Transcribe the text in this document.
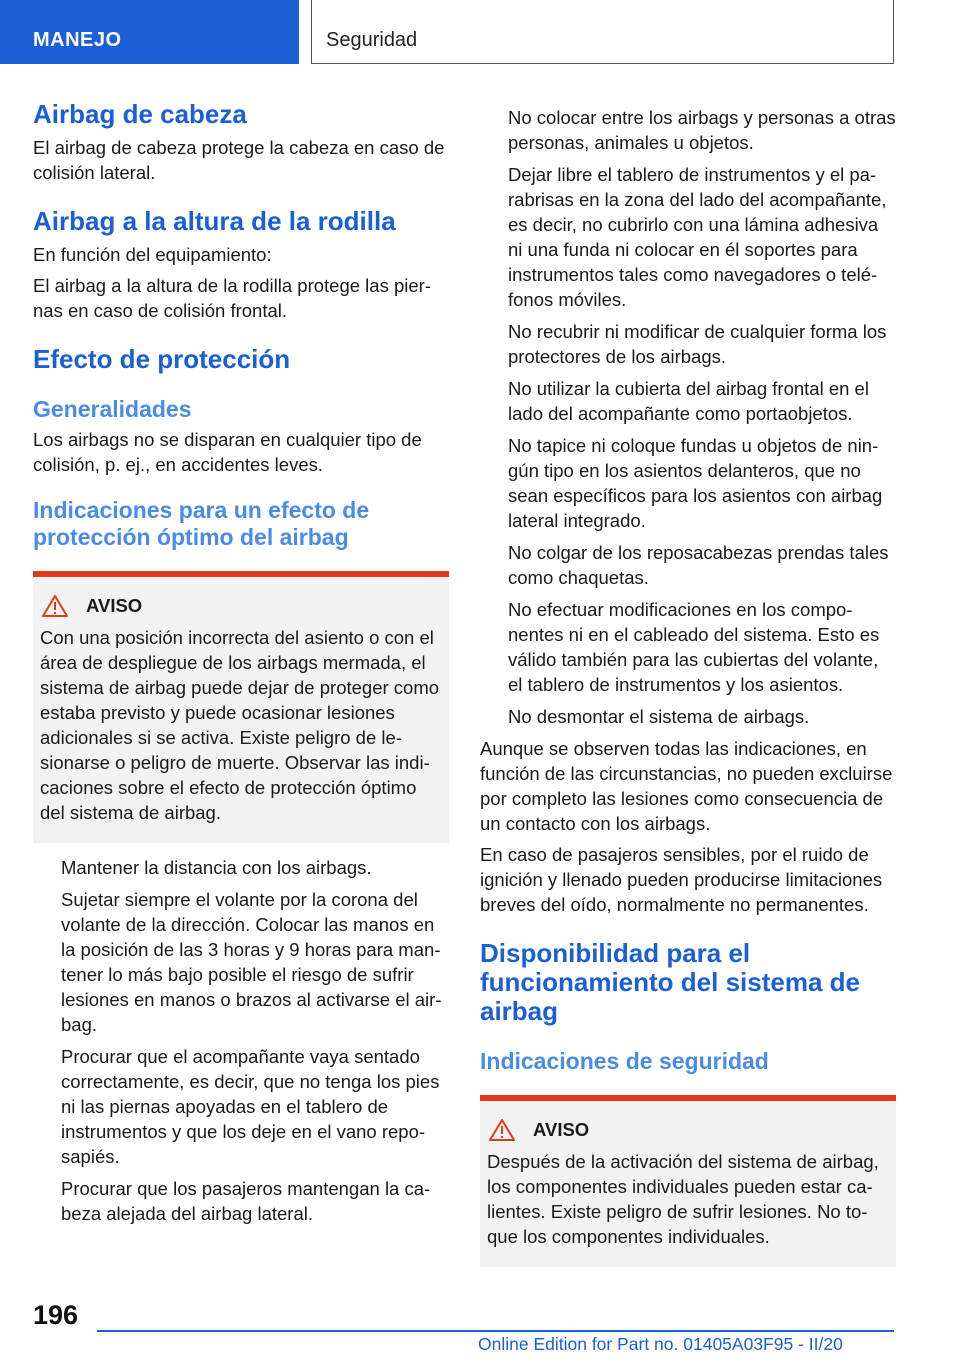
MANEJO	Seguridad
Airbag de cabeza

El airbag de cabeza protege la cabeza en caso de colisión lateral.

Airbag a la altura de la rodilla

En función del equipamiento:

El airbag a la altura de la rodilla protege las piernas en caso de colisión frontal.

Efecto de protección
Generalidades

Los airbags no se disparan en cualquier tipo de colisión, p. ej., en accidentes leves.

Indicaciones para un efecto de protección óptimo del airbag
AVISO

Con una posición incorrecta del asiento o con el área de despliegue de los airbags mermada, el sistema de airbag puede dejar de proteger como estaba previsto y puede ocasionar lesiones adicionales si se activa. Existe peligro de lesionarse o peligro de muerte. Observar las indicaciones sobre el efecto de protección óptimo del sistema de airbag.

Mantener la distancia con los airbags.
Sujetar siempre el volante por la corona del volante de la dirección. Colocar las manos en la posición de las 3 horas y 9 horas para mantener lo más bajo posible el riesgo de sufrir lesiones en manos o brazos al activarse el airbag.
Procurar que el acompañante vaya sentado correctamente, es decir, que no tenga los pies ni las piernas apoyadas en el tablero de instrumentos y que los deje en el vano reposapiés.
Procurar que los pasajeros mantengan la cabeza alejada del airbag lateral.
No colocar entre los airbags y personas a otras personas, animales u objetos.
Dejar libre el tablero de instrumentos y el parabrisas en la zona del lado del acompañante, es decir, no cubrirlo con una lámina adhesiva ni una funda ni colocar en él soportes para instrumentos tales como navegadores o teléfonos móviles.
No recubrir ni modificar de cualquier forma los protectores de los airbags.
No utilizar la cubierta del airbag frontal en el lado del acompañante como portaobjetos.
No tapice ni coloque fundas u objetos de ningún tipo en los asientos delanteros, que no sean específicos para los asientos con airbag lateral integrado.
No colgar de los reposacabezas prendas tales como chaquetas.
No efectuar modificaciones en los componentes ni en el cableado del sistema. Esto es válido también para las cubiertas del volante, el tablero de instrumentos y los asientos.
No desmontar el sistema de airbags.

Aunque se observen todas las indicaciones, en función de las circunstancias, no pueden excluirse por completo las lesiones como consecuencia de un contacto con los airbags.

En caso de pasajeros sensibles, por el ruido de ignición y llenado pueden producirse limitaciones breves del oído, normalmente no permanentes.

Disponibilidad para el funcionamiento del sistema de airbag
Indicaciones de seguridad
AVISO

Después de la activación del sistema de airbag, los componentes individuales pueden estar calientes. Existe peligro de sufrir lesiones. No toque los componentes individuales.

196
Online Edition for Part no. 01405A03F95 - II/20
